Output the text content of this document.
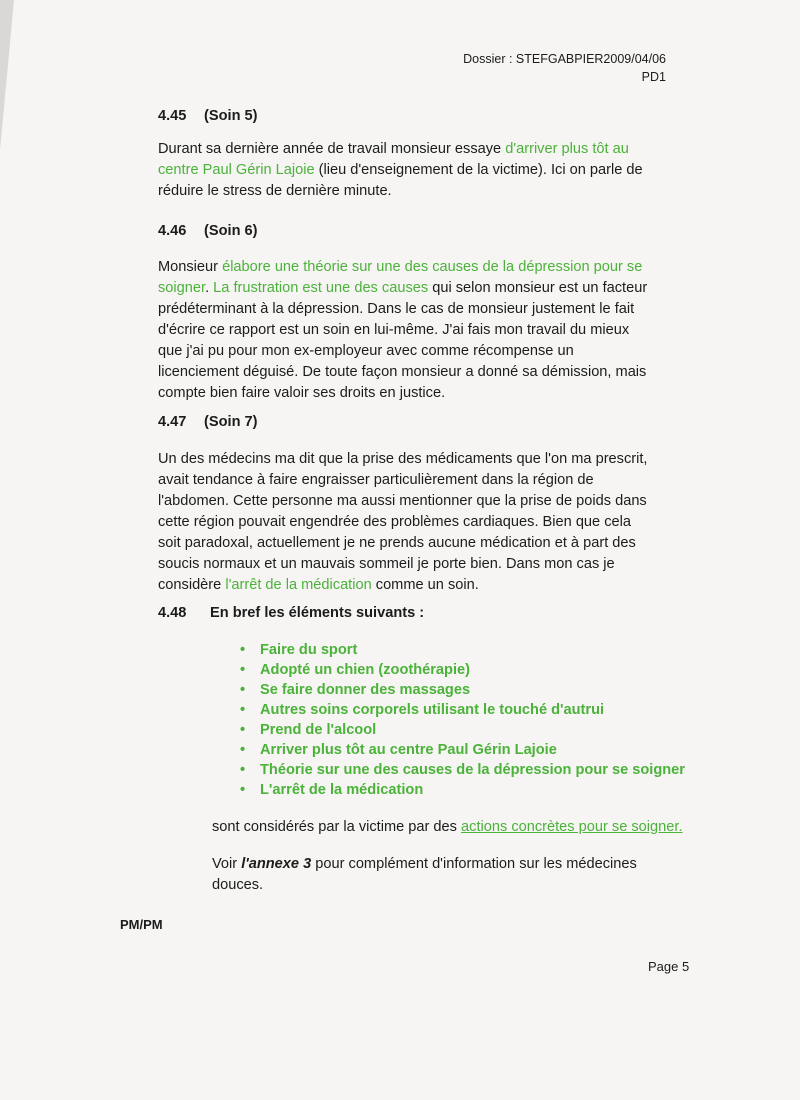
Dossier : STEFGABPIER2009/04/06
PD1
4.45 (Soin 5)
Durant sa dernière année de travail monsieur essaye d'arriver plus tôt au centre Paul Gérin Lajoie (lieu d'enseignement de la victime). Ici on parle de réduire le stress de dernière minute.
4.46 (Soin 6)
Monsieur élabore une théorie sur une des causes de la dépression pour se soigner. La frustration est une des causes qui selon monsieur est un facteur prédéterminant à la dépression. Dans le cas de monsieur justement le fait d'écrire ce rapport est un soin en lui-même. J'ai fais mon travail du mieux que j'ai pu pour mon ex-employeur avec comme récompense un licenciement déguisé. De toute façon monsieur a donné sa démission, mais compte bien faire valoir ses droits en justice.
4.47 (Soin 7)
Un des médecins ma dit que la prise des médicaments que l'on ma prescrit, avait tendance à faire engraisser particulièrement dans la région de l'abdomen. Cette personne ma aussi mentionner que la prise de poids dans cette région pouvait engendrée des problèmes cardiaques. Bien que cela soit paradoxal, actuellement je ne prends aucune médication et à part des soucis normaux et un mauvais sommeil je porte bien. Dans mon cas je considère l'arrêt de la médication comme un soin.
4.48 En bref les éléments suivants :
• Faire du sport
• Adopté un chien (zoothérapie)
• Se faire donner des massages
• Autres soins corporels utilisant le touché d'autrui
• Prend de l'alcool
• Arriver plus tôt au centre Paul Gérin Lajoie
• Théorie sur une des causes de la dépression pour se soigner
• L'arrêt de la médication
sont considérés par la victime par des actions concrètes pour se soigner.
Voir l'annexe 3 pour complément d'information sur les médecines douces.
PM/PM
Page 5
